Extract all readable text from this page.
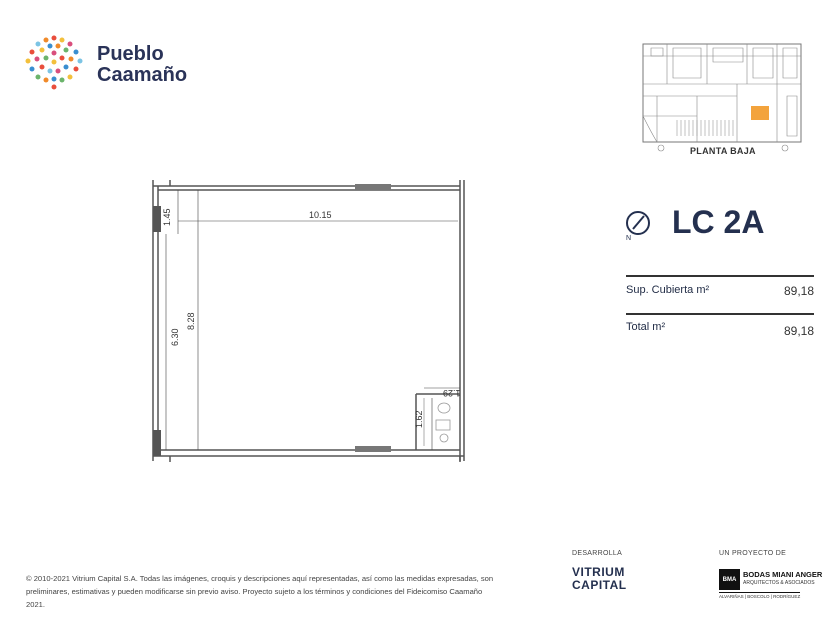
Pueblo
Caamaño
PLANTA BAJA
10.15
1.45
6.30
8.28
1.29
1.62
N LC 2A
Sup. Cubierta m²	89,18
Total m²	89,18
© 2010-2021 Vitrium Capital S.A. Todas las imágenes, croquis y descripciones aquí representadas, así como las medidas expresadas, son preliminares, estimativas y pueden modificarse sin previo aviso. Proyecto sujeto a los términos y condiciones del Fideicomiso Caamaño 2021.
DESARROLLA
VITRIUM
CAPITAL
UN PROYECTO DE
BMA
BODAS MIANI ANGER
ARQUITECTOS & ASOCIADOS
ALVARIÑAS | BOSCOLO | RODRÍGUEZ
